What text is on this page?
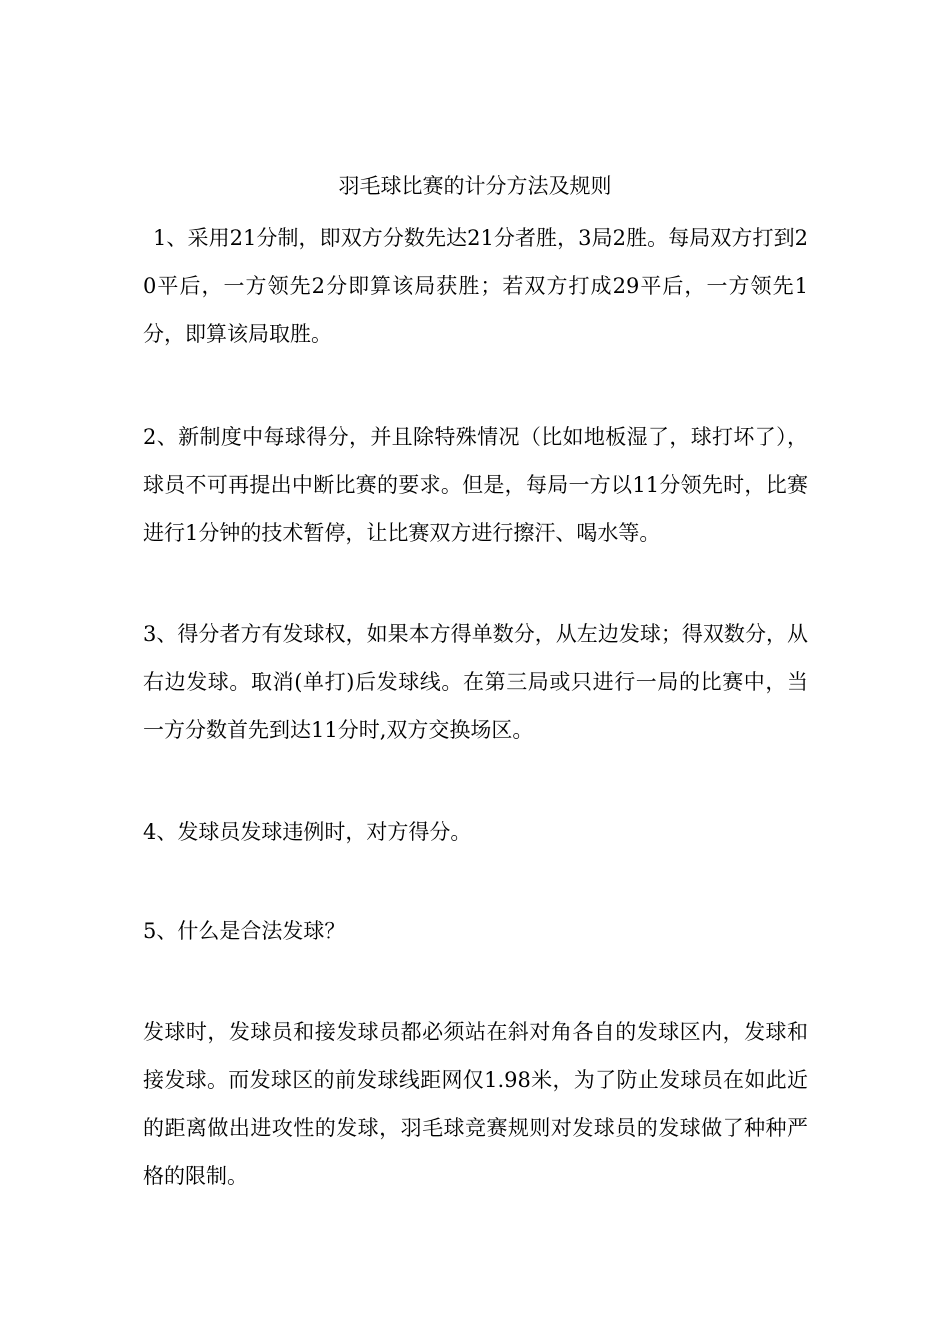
羽毛球比赛的计分方法及规则

1、采用21分制，即双方分数先达21分者胜，3局2胜。每局双方打到20平后，一方领先2分即算该局获胜；若双方打成29平后，一方领先1分，即算该局取胜。

2、新制度中每球得分，并且除特殊情况（比如地板湿了，球打坏了），球员不可再提出中断比赛的要求。但是，每局一方以11分领先时，比赛进行1分钟的技术暂停，让比赛双方进行擦汗、喝水等。

3、得分者方有发球权，如果本方得单数分，从左边发球；得双数分，从右边发球。取消(单打)后发球线。在第三局或只进行一局的比赛中，当一方分数首先到达11分时,双方交换场区。

4、发球员发球违例时，对方得分。

5、什么是合法发球？

发球时，发球员和接发球员都必须站在斜对角各自的发球区内，发球和接发球。而发球区的前发球线距网仅1.98米，为了防止发球员在如此近的距离做出进攻性的发球，羽毛球竞赛规则对发球员的发球做了种种严格的限制。
